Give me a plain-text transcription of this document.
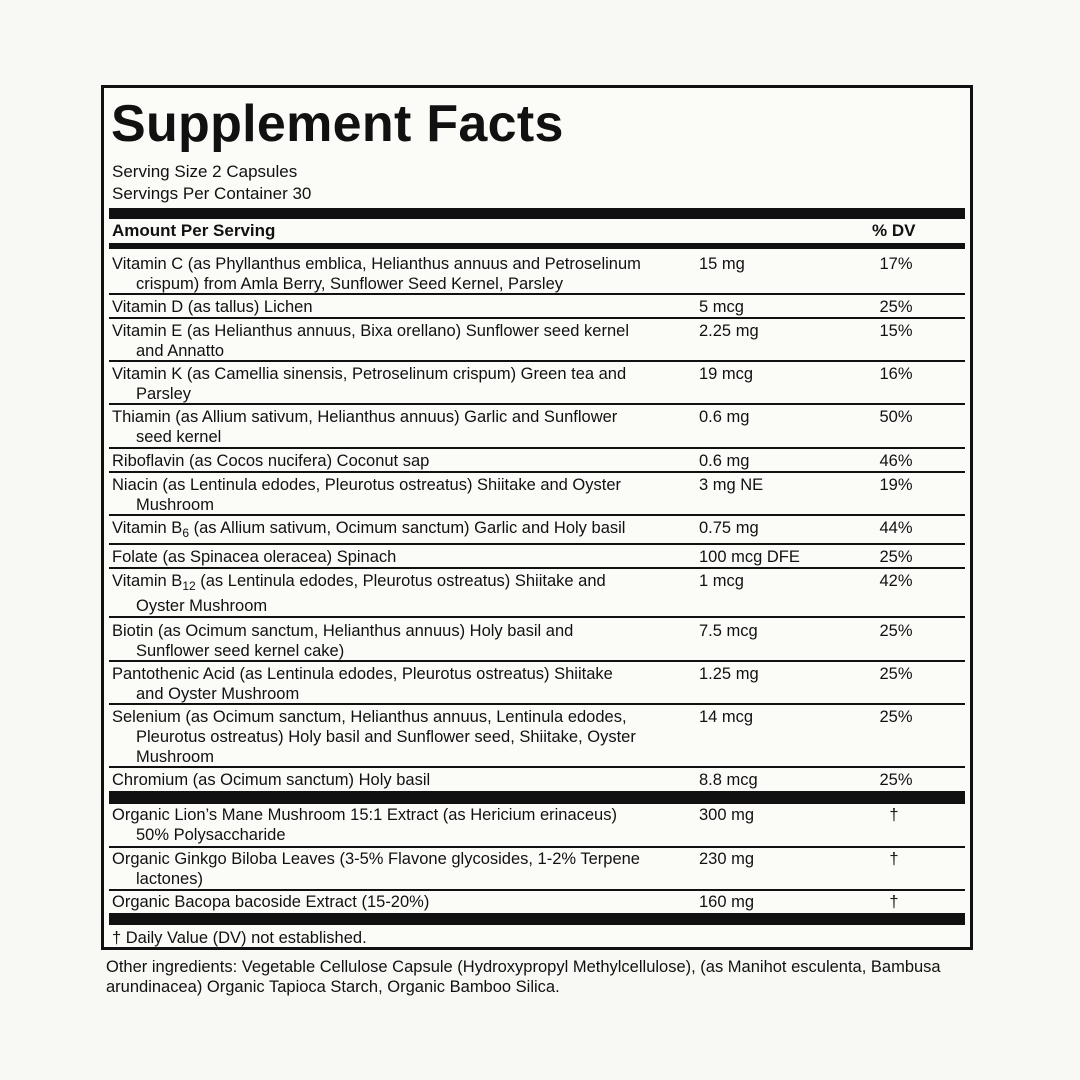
Supplement Facts
Serving Size 2 Capsules
Servings Per Container 30
Amount Per Serving	% DV
Vitamin C (as Phyllanthus emblica, Helianthus annuus and Petroselinum
crispum) from Amla Berry, Sunflower Seed Kernel, Parsley
15 mg	17%
Vitamin D (as tallus) Lichen	5 mcg	25%
Vitamin E (as Helianthus annuus, Bixa orellano) Sunflower seed kernel
and Annatto
2.25 mg	15%
Vitamin K (as Camellia sinensis, Petroselinum crispum) Green tea and
Parsley
19 mcg	16%
Thiamin (as Allium sativum, Helianthus annuus) Garlic and Sunflower
seed kernel
0.6 mg	50%
Riboflavin (as Cocos nucifera) Coconut sap	0.6 mg	46%
Niacin (as Lentinula edodes, Pleurotus ostreatus) Shiitake and Oyster
Mushroom
3 mg NE	19%
Vitamin $B_6$ (as Allium sativum, Ocimum sanctum) Garlic and Holy basil	0.75 mg	44%
Folate (as Spinacea oleracea) Spinach	100 mcg DFE	25%
Vitamin $B_{12}$ (as Lentinula edodes, Pleurotus ostreatus) Shiitake and
Oyster Mushroom
1 mcg	42%
Biotin (as Ocimum sanctum, Helianthus annuus) Holy basil and
Sunflower seed kernel cake)
7.5 mcg	25%
Pantothenic Acid (as Lentinula edodes, Pleurotus ostreatus) Shiitake
and Oyster Mushroom
1.25 mg	25%
Selenium (as Ocimum sanctum, Helianthus annuus, Lentinula edodes,
Pleurotus ostreatus) Holy basil and Sunflower seed, Shiitake, Oyster
Mushroom
14 mcg	25%
Chromium (as Ocimum sanctum) Holy basil	8.8 mcg	25%
Organic Lion’s Mane Mushroom 15:1 Extract (as Hericium erinaceus)
50% Polysaccharide
300 mg	†
Organic Ginkgo Biloba Leaves (3-5% Flavone glycosides, 1-2% Terpene
lactones)
230 mg	†
Organic Bacopa bacoside Extract (15-20%)	160 mg	†
† Daily Value (DV) not established.
Other ingredients: Vegetable Cellulose Capsule (Hydroxypropyl Methylcellulose), (as Manihot esculenta, Bambusa arundinacea) Organic Tapioca Starch, Organic Bamboo Silica.
